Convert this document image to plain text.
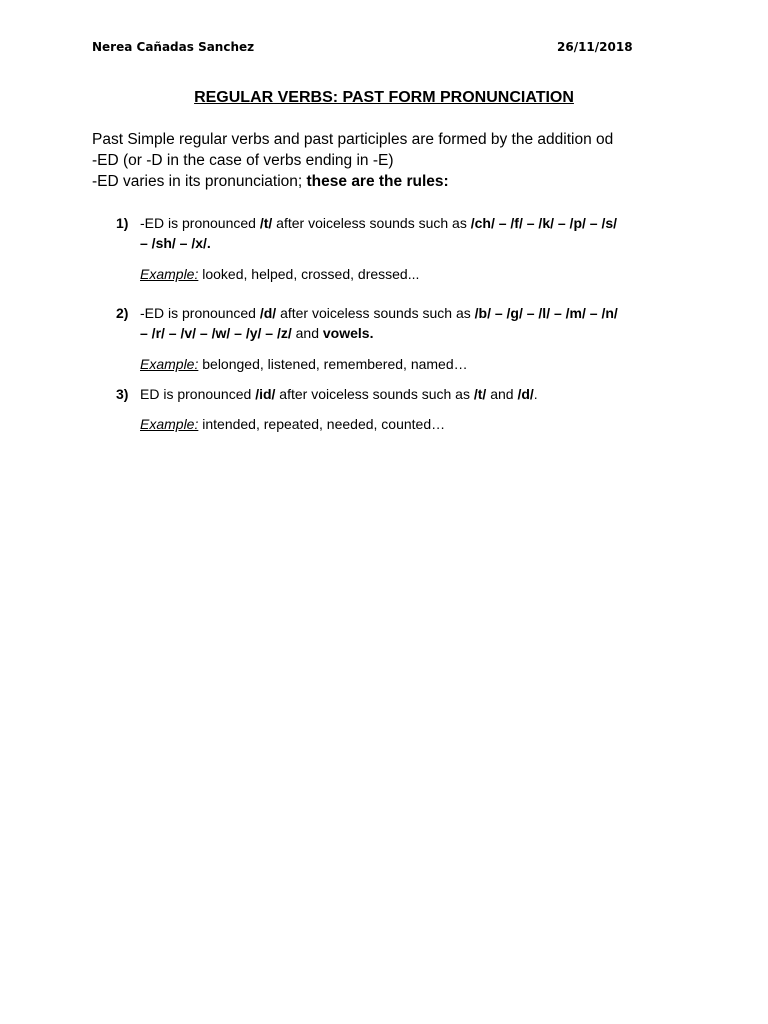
Nerea Cañadas Sanchez	26/11/2018
REGULAR VERBS: PAST FORM PRONUNCIATION
Past Simple regular verbs and past participles are formed by the addition od
-ED (or -D in the case of verbs ending in -E)
-ED varies in its pronunciation; these are the rules:
1) -ED is pronounced /t/ after voiceless sounds such as /ch/ – /f/ – /k/ – /p/ – /s/
– /sh/ – /x/.
Example: looked, helped, crossed, dressed...
2) -ED is pronounced /d/ after voiceless sounds such as /b/ – /g/ – /l/ – /m/ – /n/
– /r/ – /v/ – /w/ – /y/ – /z/ and vowels.
Example: belonged, listened, remembered, named…
3) ED is pronounced /id/ after voiceless sounds such as /t/ and /d/.
Example: intended, repeated, needed, counted…
